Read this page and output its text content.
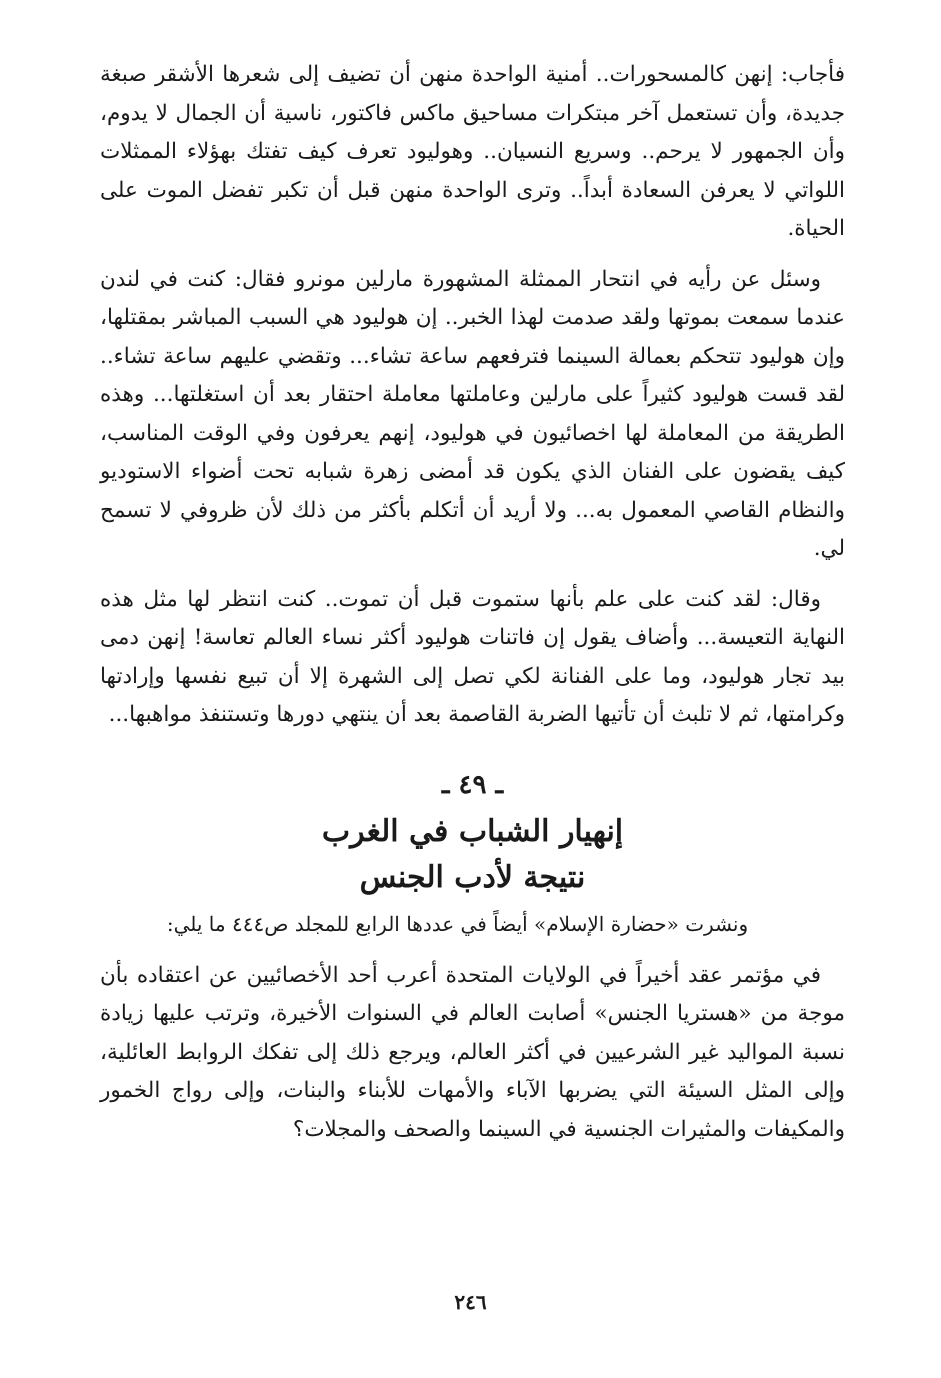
فأجاب: إنهن كالمسحورات.. أمنية الواحدة منهن أن تضيف إلى شعرها الأشقر صبغة جديدة، وأن تستعمل آخر مبتكرات مساحيق ماكس فاكتور، ناسية أن الجمال لا يدوم، وأن الجمهور لا يرحم.. وسريع النسيان.. وهوليود تعرف كيف تفتك بهؤلاء الممثلات اللواتي لا يعرفن السعادة أبداً.. وترى الواحدة منهن قبل أن تكبر تفضل الموت على الحياة.

وسئل عن رأيه في انتحار الممثلة المشهورة مارلين مونرو فقال: كنت في لندن عندما سمعت بموتها ولقد صدمت لهذا الخبر.. إن هوليود هي السبب المباشر بمقتلها، وإن هوليود تتحكم بعمالة السينما فترفعهم ساعة تشاء... وتقضي عليهم ساعة تشاء.. لقد قست هوليود كثيراً على مارلين وعاملتها معاملة احتقار بعد أن استغلتها... وهذه الطريقة من المعاملة لها اخصائيون في هوليود، إنهم يعرفون وفي الوقت المناسب، كيف يقضون على الفنان الذي يكون قد أمضى زهرة شبابه تحت أضواء الاستوديو والنظام القاصي المعمول به... ولا أريد أن أتكلم بأكثر من ذلك لأن ظروفي لا تسمح لي.

وقال: لقد كنت على علم بأنها ستموت قبل أن تموت.. كنت انتظر لها مثل هذه النهاية التعيسة... وأضاف يقول إن فاتنات هوليود أكثر نساء العالم تعاسة! إنهن دمى بيد تجار هوليود، وما على الفنانة لكي تصل إلى الشهرة إلا أن تبيع نفسها وإرادتها وكرامتها، ثم لا تلبث أن تأتيها الضربة القاصمة بعد أن ينتهي دورها وتستنفذ مواهبها...

ـ ٤٩ ـ
إنهيار الشباب في الغرب
نتيجة لأدب الجنس
ونشرت «حضارة الإسلام» أيضاً في عددها الرابع للمجلد ص٤٤٤ ما يلي:

في مؤتمر عقد أخيراً في الولايات المتحدة أعرب أحد الأخصائيين عن اعتقاده بأن موجة من «هستريا الجنس» أصابت العالم في السنوات الأخيرة، وترتب عليها زيادة نسبة المواليد غير الشرعيين في أكثر العالم، ويرجع ذلك إلى تفكك الروابط العائلية، وإلى المثل السيئة التي يضربها الآباء والأمهات للأبناء والبنات، وإلى رواج الخمور والمكيفات والمثيرات الجنسية في السينما والصحف والمجلات؟

٢٤٦
